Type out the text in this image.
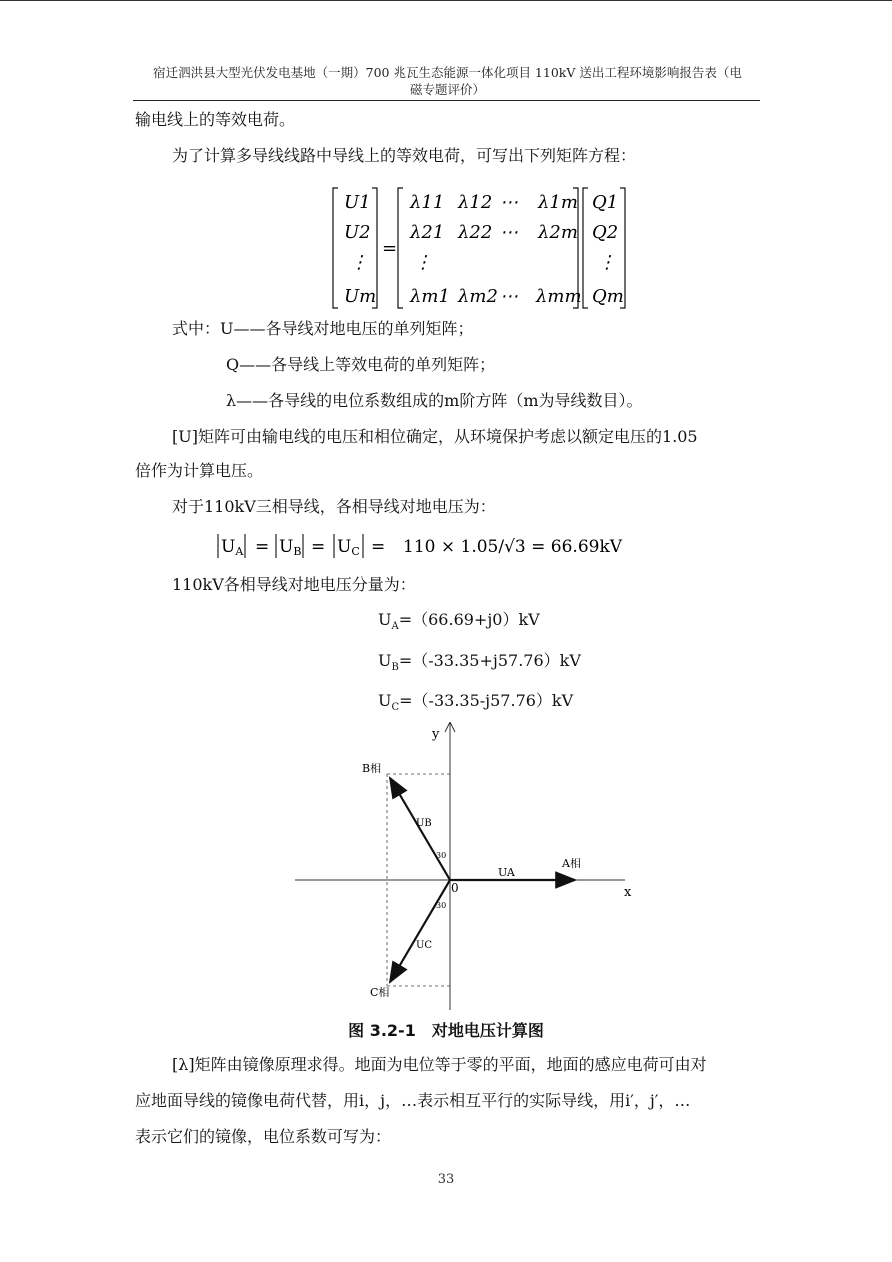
宿迁泗洪县大型光伏发电基地（一期）700 兆瓦生态能源一体化项目 110kV 送出工程环境影响报告表（电
磁专题评价）
输电线上的等效电荷。
为了计算多导线线路中导线上的等效电荷，可写出下列矩阵方程：
=
U1
U2
⋮
Um
λ11 λ12 ⋯ λ1m
λ21 λ22 ⋯ λ2m
⋮
λm1 λm2 ⋯ λmm
Q1
Q2
⋮
Qm
式中：U——各导线对地电压的单列矩阵；
Q——各导线上等效电荷的单列矩阵；
λ——各导线的电位系数组成的m阶方阵（m为导线数目）。
[U]矩阵可由输电线的电压和相位确定，从环境保护考虑以额定电压的1.05
倍作为计算电压。
对于110kV三相导线，各相导线对地电压为：
UA = UB = UC = 110 × 1.05/√3 = 66.69kV
110kV各相导线对地电压分量为：
$U_A=(66.69+j0)kV$
$U_B=(-33.35+j57.76)kV$
$U_C=(-33.35-j57.76)kV$
y
x
0
A相
B相
C相
UA
UB
UC
30
30
图 3.2-1　对地电压计算图
[λ]矩阵由镜像原理求得。地面为电位等于零的平面，地面的感应电荷可由对
应地面导线的镜像电荷代替，用i，j，…表示相互平行的实际导线，用i′，j′，…
表示它们的镜像，电位系数可写为：
33
